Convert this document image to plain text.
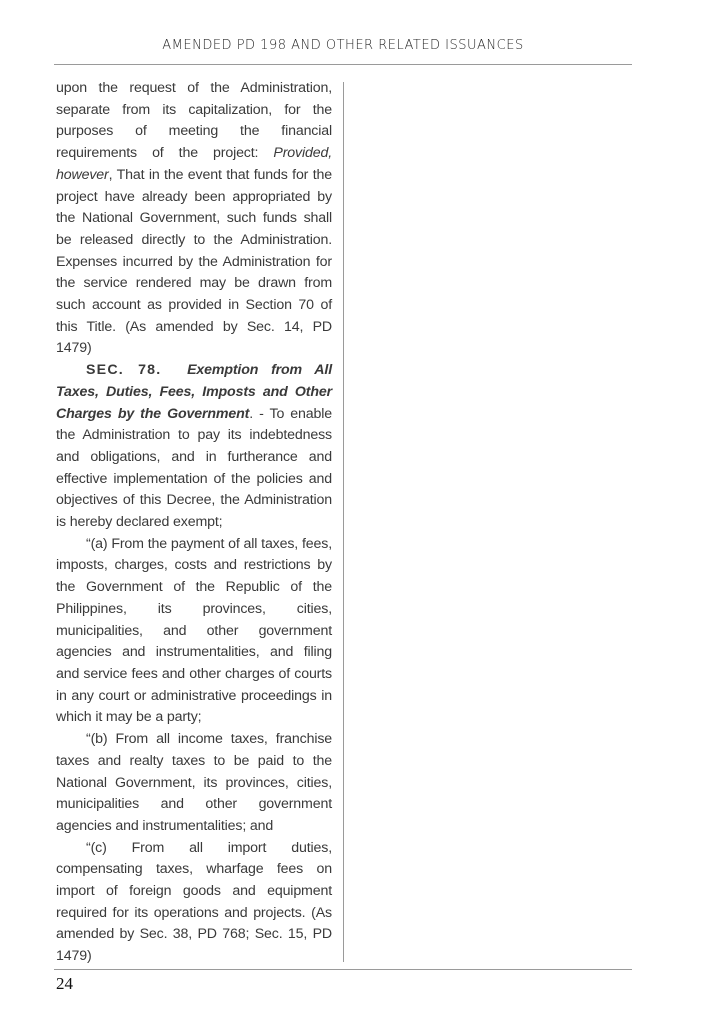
AMENDED PD 198 AND OTHER RELATED ISSUANCES

upon the request of the Administration, separate from its capitalization, for the purposes of meeting the financial requirements of the project: Provided, however, That in the event that funds for the project have already been appropriated by the National Government, such funds shall be released directly to the Administration. Expenses incurred by the Administration for the service rendered may be drawn from such account as provided in Section 70 of this Title. (As amended by Sec. 14, PD 1479)

SEC. 78. Exemption from All Taxes, Duties, Fees, Imposts and Other Charges by the Government. - To enable the Administration to pay its indebtedness and obligations, and in furtherance and effective implementation of the policies and objectives of this Decree, the Administration is hereby declared exempt;

“(a) From the payment of all taxes, fees, imposts, charges, costs and restrictions by the Government of the Republic of the Philippines, its provinces, cities, municipalities, and other government agencies and instrumentalities, and filing and service fees and other charges of courts in any court or administrative proceedings in which it may be a party;

“(b) From all income taxes, franchise taxes and realty taxes to be paid to the National Government, its provinces, cities, municipalities and other government agencies and instrumentalities; and

“(c) From all import duties, compensating taxes, wharfage fees on import of foreign goods and equipment required for its operations and projects. (As amended by Sec. 38, PD 768; Sec. 15, PD 1479)

24
